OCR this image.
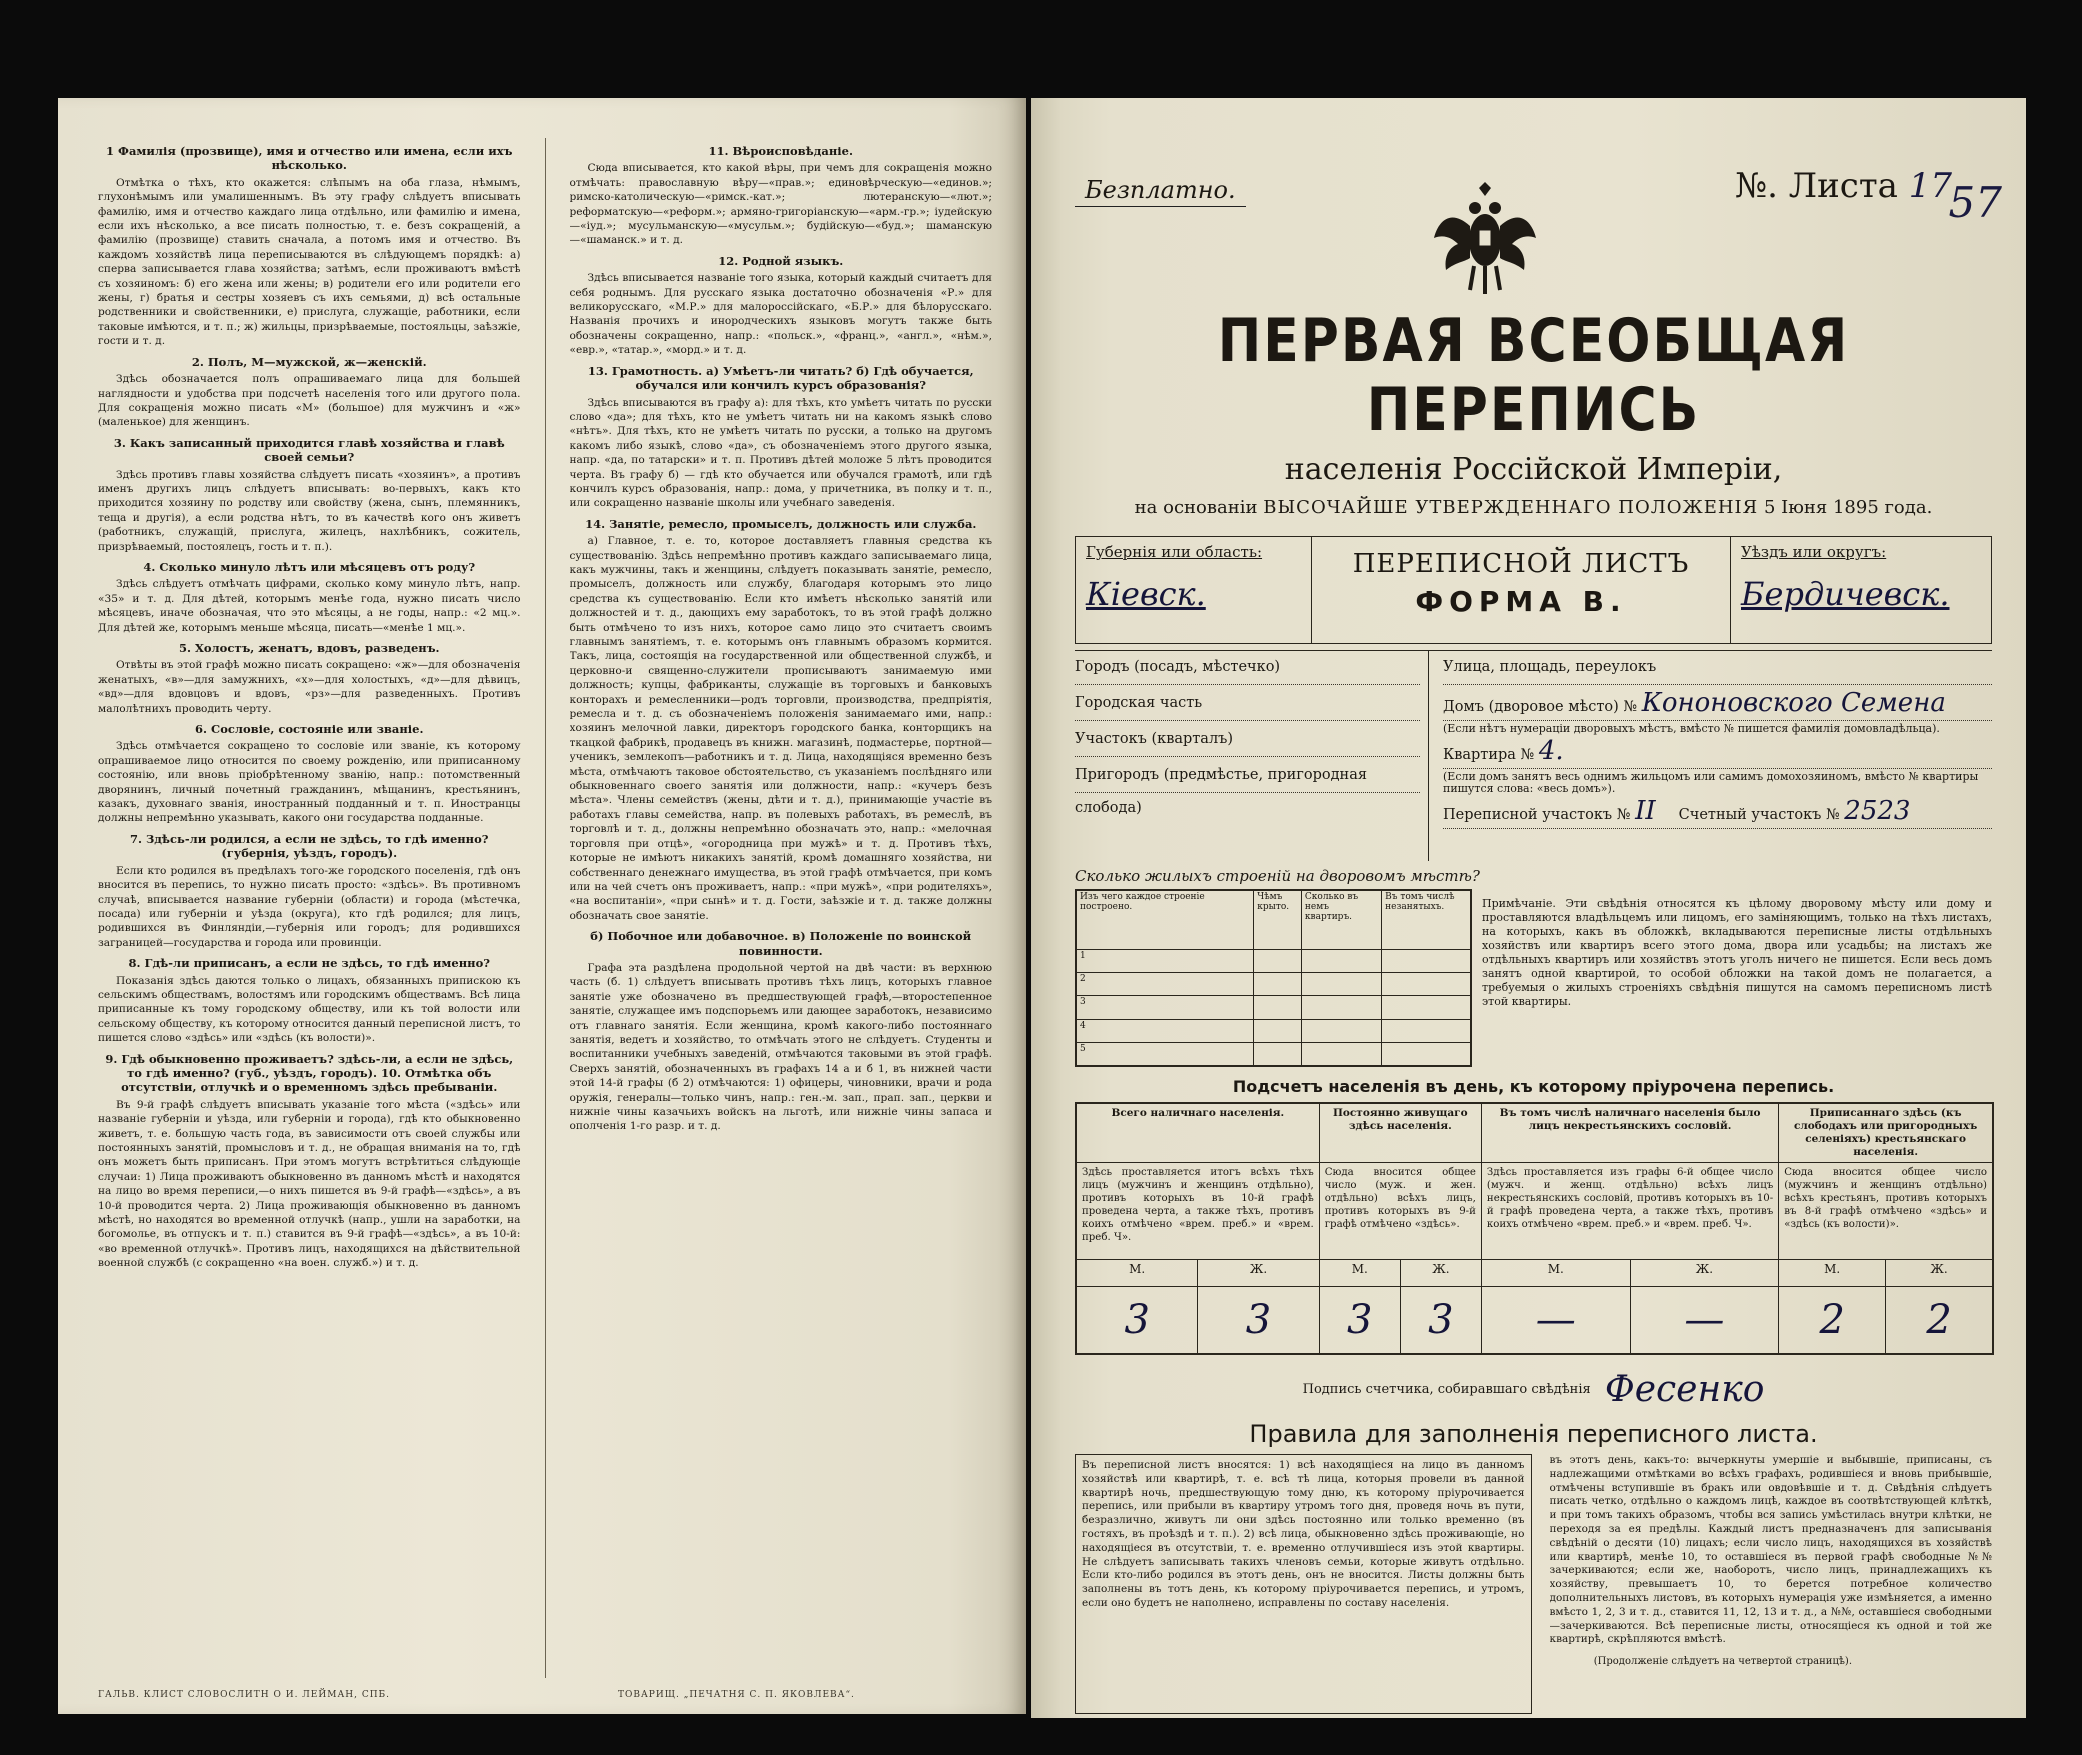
1 Фамилія (прозвище), имя и отчество или имена, если ихъ нѣсколько.

Отмѣтка о тѣхъ, кто окажется: слѣпымъ на оба глаза, нѣмымъ, глухонѣмымъ или умалишеннымъ. Въ эту графу слѣдуетъ вписывать фамилію, имя и отчество каждаго лица отдѣльно, или фамилію и имена, если ихъ нѣсколько, а все писать полностью, т. е. безъ сокращеній, а фамилію (прозвище) ставить сначала, а потомъ имя и отчество. Въ каждомъ хозяйствѣ лица переписываются въ слѣдующемъ порядкѣ: а) сперва записывается глава хозяйства; затѣмъ, если проживаютъ вмѣстѣ съ хозяиномъ: б) его жена или жены; в) родители его или родители его жены, г) братья и сестры хозяевъ съ ихъ семьями, д) всѣ остальные родственники и свойственники, е) прислуга, служащіе, работники, если таковые имѣются, и т. п.; ж) жильцы, призрѣваемые, постояльцы, заѣзжіе, гости и т. д.

2. Полъ, М—мужской, ж—женскій.

Здѣсь обозначается полъ опрашиваемаго лица для большей наглядности и удобства при подсчетѣ населенія того или другого пола. Для сокращенія можно писать «М» (большое) для мужчинъ и «ж» (маленькое) для женщинъ.

3. Какъ записанный приходится главѣ хозяйства и главѣ своей семьи?

Здѣсь противъ главы хозяйства слѣдуетъ писать «хозяинъ», а противъ именъ другихъ лицъ слѣдуетъ вписывать: во-первыхъ, какъ кто приходится хозяину по родству или свойству (жена, сынъ, племянникъ, теща и другія), а если родства нѣтъ, то въ качествѣ кого онъ живетъ (работникъ, служащій, прислуга, жилецъ, нахлѣбникъ, сожитель, призрѣваемый, постоялецъ, гость и т. п.).

4. Сколько минуло лѣтъ или мѣсяцевъ отъ роду?

Здѣсь слѣдуетъ отмѣчать цифрами, сколько кому минуло лѣтъ, напр. «35» и т. д. Для дѣтей, которымъ менѣе года, нужно писать число мѣсяцевъ, иначе обозначая, что это мѣсяцы, а не годы, напр.: «2 мц.». Для дѣтей же, которымъ меньше мѣсяца, писать—«менѣе 1 мц.».

5. Холостъ, женатъ, вдовъ, разведенъ.

Отвѣты въ этой графѣ можно писать сокращено: «ж»—для обозначенія женатыхъ, «в»—для замужнихъ, «х»—для холостыхъ, «д»—для дѣвицъ, «вд»—для вдовцовъ и вдовъ, «рз»—для разведенныхъ. Противъ малолѣтнихъ проводить черту.

6. Сословіе, состояніе или званіе.

Здѣсь отмѣчается сокращено то сословіе или званіе, къ которому опрашиваемое лицо относится по своему рожденію, или приписанному состоянію, или вновь пріобрѣтенному званію, напр.: потомственный дворянинъ, личный почетный гражданинъ, мѣщанинъ, крестьянинъ, казакъ, духовнаго званія, иностранный подданный и т. п. Иностранцы должны непремѣнно указывать, какого они государства подданные.

7. Здѣсь-ли родился, а если не здѣсь, то гдѣ именно? (губернія, уѣздъ, городъ).

Если кто родился въ предѣлахъ того-же городского поселенія, гдѣ онъ вносится въ перепись, то нужно писать просто: «здѣсь». Въ противномъ случаѣ, вписывается название губерніи (области) и города (мѣстечка, посада) или губерніи и уѣзда (округа), кто гдѣ родился; для лицъ, родившихся въ Финляндіи,—губернія или городъ; для родившихся заграницей—государства и города или провинціи.

8. Гдѣ-ли приписанъ, а если не здѣсь, то гдѣ именно?

Показанія здѣсь даются только о лицахъ, обязанныхъ припискою къ сельскимъ обществамъ, волостямъ или городскимъ обществамъ. Всѣ лица приписанные къ тому городскому обществу, или къ той волости или сельскому обществу, къ которому относится данный переписной листъ, то пишется слово «здѣсь» или «здѣсь (къ волости)».

9. Гдѣ обыкновенно проживаетъ? здѣсь-ли, а если не здѣсь, то гдѣ именно? (губ., уѣздъ, городъ). 10. Отмѣтка объ отсутствіи, отлучкѣ и о временномъ здѣсь пребываніи.

Въ 9-й графѣ слѣдуетъ вписывать указаніе того мѣста («здѣсь» или названіе губерніи и уѣзда, или губерніи и города), гдѣ кто обыкновенно живетъ, т. е. большую часть года, въ зависимости отъ своей службы или постоянныхъ занятій, промысловъ и т. д., не обращая вниманія на то, гдѣ онъ можетъ быть приписанъ. При этомъ могутъ встрѣтиться слѣдующіе случаи: 1) Лица проживаютъ обыкновенно въ данномъ мѣстѣ и находятся на лицо во время переписи,—о нихъ пишется въ 9-й графѣ—«здѣсь», а въ 10-й проводится черта. 2) Лица проживающія обыкновенно въ данномъ мѣстѣ, но находятся во временной отлучкѣ (напр., ушли на заработки, на богомолье, въ отпускъ и т. п.) ставится въ 9-й графѣ—«здѣсь», а въ 10-й: «во временной отлучкѣ». Противъ лицъ, находящихся на дѣйствительной военной службѣ (с сокращенно «на воен. служб.») и т. д.

11. Вѣроисповѣданіе.

Сюда вписывается, кто какой вѣры, при чемъ для сокращенія можно отмѣчать: православную вѣру—«прав.»; единовѣрческую—«единов.»; римско-католическую—«римск.-кат.»; лютеранскую—«лют.»; реформатскую—«реформ.»; армяно-григоріанскую—«арм.-гр.»; іудейскую—«іуд.»; мусульманскую—«мусульм.»; будійскую—«буд.»; шаманскую—«шаманск.» и т. д.

12. Родной языкъ.

Здѣсь вписывается названіе того языка, который каждый считаетъ для себя роднымъ. Для русскаго языка достаточно обозначенія «Р.» для великорусскаго, «М.Р.» для малороссійскаго, «Б.Р.» для бѣлорусскаго. Названія прочихъ и инородческихъ языковъ могутъ также быть обозначены сокращенно, напр.: «польск.», «франц.», «англ.», «нѣм.», «евр.», «татар.», «морд.» и т. д.

13. Грамотность. а) Умѣетъ-ли читать? б) Гдѣ обучается, обучался или кончилъ курсъ образованія?

Здѣсь вписываются въ графу а): для тѣхъ, кто умѣетъ читать по русски слово «да»; для тѣхъ, кто не умѣетъ читать ни на какомъ языкѣ слово «нѣтъ». Для тѣхъ, кто не умѣетъ читать по русски, а только на другомъ какомъ либо языкѣ, слово «да», съ обозначеніемъ этого другого языка, напр. «да, по татарски» и т. п. Противъ дѣтей моложе 5 лѣтъ проводится черта. Въ графу б) — гдѣ кто обучается или обучался грамотѣ, или гдѣ кончилъ курсъ образованія, напр.: дома, у причетника, въ полку и т. п., или сокращенно названіе школы или учебнаго заведенія.

14. Занятіе, ремесло, промыселъ, должность или служба.

а) Главное, т. е. то, которое доставляетъ главныя средства къ существованію. Здѣсь непремѣнно противъ каждаго записываемаго лица, какъ мужчины, такъ и женщины, слѣдуетъ показывать занятіе, ремесло, промыселъ, должность или службу, благодаря которымъ это лицо средства къ существованію. Если кто имѣетъ нѣсколько занятій или должностей и т. д., дающихъ ему заработокъ, то въ этой графѣ должно быть отмѣчено то изъ нихъ, которое само лицо это считаетъ своимъ главнымъ занятіемъ, т. е. которымъ онъ главнымъ образомъ кормится. Такъ, лица, состоящія на государственной или общественной службѣ, и церковно-и священно-служители прописываютъ занимаемую ими должность; купцы, фабриканты, служащіе въ торговыхъ и банковыхъ конторахъ и ремесленники—родъ торговли, производства, предпріятія, ремесла и т. д. съ обозначеніемъ положенія занимаемаго ими, напр.: хозяинъ мелочной лавки, директоръ городского банка, конторщикъ на ткацкой фабрикѣ, продавецъ въ книжн. магазинѣ, подмастерье, портной—ученикъ, землекопъ—работникъ и т. д. Лица, находящіяся временно безъ мѣста, отмѣчаютъ таковое обстоятельство, съ указаніемъ послѣдняго или обыкновеннаго своего занятія или должности, напр.: «кучеръ безъ мѣста». Члены семействъ (жены, дѣти и т. д.), принимающіе участіе въ работахъ главы семейства, напр. въ полевыхъ работахъ, въ ремеслѣ, въ торговлѣ и т. д., должны непремѣнно обозначать это, напр.: «мелочная торговля при отцѣ», «огородница при мужѣ» и т. д. Противъ тѣхъ, которые не имѣютъ никакихъ занятій, кромѣ домашняго хозяйства, ни собственнаго денежнаго имущества, въ этой графѣ отмѣчается, при комъ или на чей счетъ онъ проживаетъ, напр.: «при мужѣ», «при родителяхъ», «на воспитаніи», «при сынѣ» и т. д. Гости, заѣзжіе и т. д. также должны обозначать свое занятіе.

б) Побочное или добавочное. в) Положеніе по воинской повинности.

Графа эта раздѣлена продольной чертой на двѣ части: въ верхнюю часть (б. 1) слѣдуетъ вписывать противъ тѣхъ лицъ, которыхъ главное занятіе уже обозначено въ предшествующей графѣ,—второстепенное занятіе, служащее имъ подспорьемъ или дающее заработокъ, независимо отъ главнаго занятія. Если женщина, кромѣ какого-либо постояннаго занятія, ведетъ и хозяйство, то отмѣчать этого не слѣдуетъ. Студенты и воспитанники учебныхъ заведеній, отмѣчаются таковыми въ этой графѣ. Сверхъ занятій, обозначенныхъ въ графахъ 14 а и б 1, въ нижней части этой 14-й графы (б 2) отмѣчаются: 1) офицеры, чиновники, врачи и рода оружія, генералы—только чинъ, напр.: ген.-м. зап., прап. зап., церкви и нижніе чины казачьихъ войскъ на льготѣ, или нижніе чины запаса и ополченія 1-го разр. и т. д.

ГАЛЬВ. КЛИСТ СЛОВОСЛИТН О И. ЛЕЙМАН, СПБ.	ТОВАРИЩ. „ПЕЧАТНЯ С. П. ЯКОВЛЕВА“.
Безплатно.	№. Листа 17
57
ПЕРВАЯ ВСЕОБЩАЯ ПЕРЕПИСЬ
населенія Россійской Имперіи,
на основаніи ВЫСОЧАЙШЕ УТВЕРЖДЕННАГО ПОЛОЖЕНІЯ 5 Іюня 1895 года.
Губернія или область:
Кіевск.
ПЕРЕПИСНОЙ ЛИСТЪ
ФОРМА В.
Уѣздъ или округъ:
Бердичевск.
Городъ (посадъ, мѣстечко)
Городская часть
Участокъ (кварталъ)
Пригородъ (предмѣстье, пригородная слобода)
Улица, площадь, переулокъ
Домъ (дворовое мѣсто) № Кононовского Семена
(Если нѣтъ нумераціи дворовыхъ мѣстъ, вмѣсто № пишется фамилія домовладѣльца).
Квартира № 4.
(Если домъ занятъ весь однимъ жильцомъ или самимъ домохозяиномъ, вмѣсто № квартиры пишутся слова: «весь домъ»).
Переписной участокъ № II Счетный участокъ № 2523
Сколько жилыхъ строеній на дворовомъ мѣстѣ?
Изъ чего каждое строеніе построено.	Чѣмъ крыто.	Сколько въ немъ квартиръ.	Въ томъ числѣ незанятыхъ.
1			
2			
3			
4			
5			
Примѣчаніе. Эти свѣдѣнія относятся къ цѣлому дворовому мѣсту или дому и проставляются владѣльцемъ или лицомъ, его заміняющимъ, только на тѣхъ листахъ, на которыхъ, какъ въ обложкѣ, вкладываются переписные листы отдѣльныхъ хозяйствъ или квартиръ всего этого дома, двора или усадьбы; на листахъ же отдѣльныхъ квартиръ или хозяйствъ этотъ уголъ ничего не пишется. Если весь домъ занятъ одной квартирой, то особой обложки на такой домъ не полагается, а требуемыя о жилыхъ строеніяхъ свѣдѣнія пишутся на самомъ переписномъ листѣ этой квартиры.
Подсчетъ населенія въ день, къ которому пріурочена перепись.
Всего наличнаго населенія.		Постоянно живущаго здѣсь населенія.		Въ томъ числѣ наличнаго населенія было лицъ некрестьянскихъ сословій.		Приписаннаго здѣсь (къ слободахъ или пригородныхъ селеніяхъ) крестьянскаго населенія.	
Здѣсь проставляется итогъ всѣхъ тѣхъ лицъ (мужчинъ и женщинъ отдѣльно), противъ которыхъ въ 10-й графѣ проведена черта, а также тѣхъ, противъ коихъ отмѣчено «врем. преб.» и «врем. преб. Ч».		Сюда вносится общее число (муж. и жен. отдѣльно) всѣхъ лицъ, противъ которыхъ въ 9-й графѣ отмѣчено «здѣсь».		Здѣсь проставляется изъ графы 6-й общее число (мужч. и женщ. отдѣльно) всѣхъ лицъ некрестьянскихъ сословій, противъ которыхъ въ 10-й графѣ проведена черта, а также тѣхъ, противъ коихъ отмѣчено «врем. преб.» и «врем. преб. Ч».		Сюда вносится общее число (мужчинъ и женщинъ отдѣльно) всѣхъ крестьянъ, противъ которыхъ въ 8-й графѣ отмѣчено «здѣсь» и «здѣсь (къ волости)».	
М.	Ж.	М.	Ж.	М.	Ж.	М.	Ж.
3	3	3	3	—	—	2	2
Подпись счетчика, собиравшаго свѣдѣнія Фесенко
Правила для заполненія переписного листа.
Въ переписной листъ вносятся: 1) всѣ находящіеся на лицо въ данномъ хозяйствѣ или квартирѣ, т. е. всѣ тѣ лица, которыя провели въ данной квартирѣ ночь, предшествующую тому дню, къ которому пріурочивается перепись, или прибыли въ квартиру утромъ того дня, проведя ночь въ пути, безразлично, живутъ ли они здѣсь постоянно или только временно (въ гостяхъ, въ проѣздѣ и т. п.). 2) всѣ лица, обыкновенно здѣсь проживающіе, но находящіеся въ отсутствіи, т. е. временно отлучившіеся изъ этой квартиры. Не слѣдуетъ записывать такихъ членовъ семьи, которые живутъ отдѣльно. Если кто-либо родился въ этотъ день, онъ не вносится. Листы должны быть заполнены въ тотъ день, къ которому пріурочивается перепись, и утромъ, если оно будетъ не наполнено, исправлены по составу населенія.
въ этотъ день, какъ-то: вычеркнуты умершіе и выбывшіе, приписаны, съ надлежащими отмѣтками во всѣхъ графахъ, родившіеся и вновь прибывшіе, отмѣчены вступившіе въ бракъ или овдовѣвшіе и т. д. Свѣдѣнія слѣдуетъ писать четко, отдѣльно о каждомъ лицѣ, каждое въ соотвѣтствующей клѣткѣ, и при томъ такихъ образомъ, чтобы вся запись умѣстилась внутри клѣтки, не переходя за ея предѣлы. Каждый листъ предназначенъ для записыванія свѣдѣній о десяти (10) лицахъ; если число лицъ, находящихся въ хозяйствѣ или квартирѣ, менѣе 10, то оставшіеся въ первой графѣ свободные №№ зачеркиваются; если же, наоборотъ, число лицъ, принадлежащихъ къ хозяйству, превышаетъ 10, то берется потребное количество дополнительныхъ листовъ, въ которыхъ нумерація уже измѣняется, а именно вмѣсто 1, 2, 3 и т. д., ставится 11, 12, 13 и т. д., а №№, оставшіеся свободными—зачеркиваются. Всѣ переписные листы, относящіеся къ одной и той же квартирѣ, скрѣпляются вмѣстѣ.
(Продолженіе слѣдуетъ на четвертой страницѣ).
